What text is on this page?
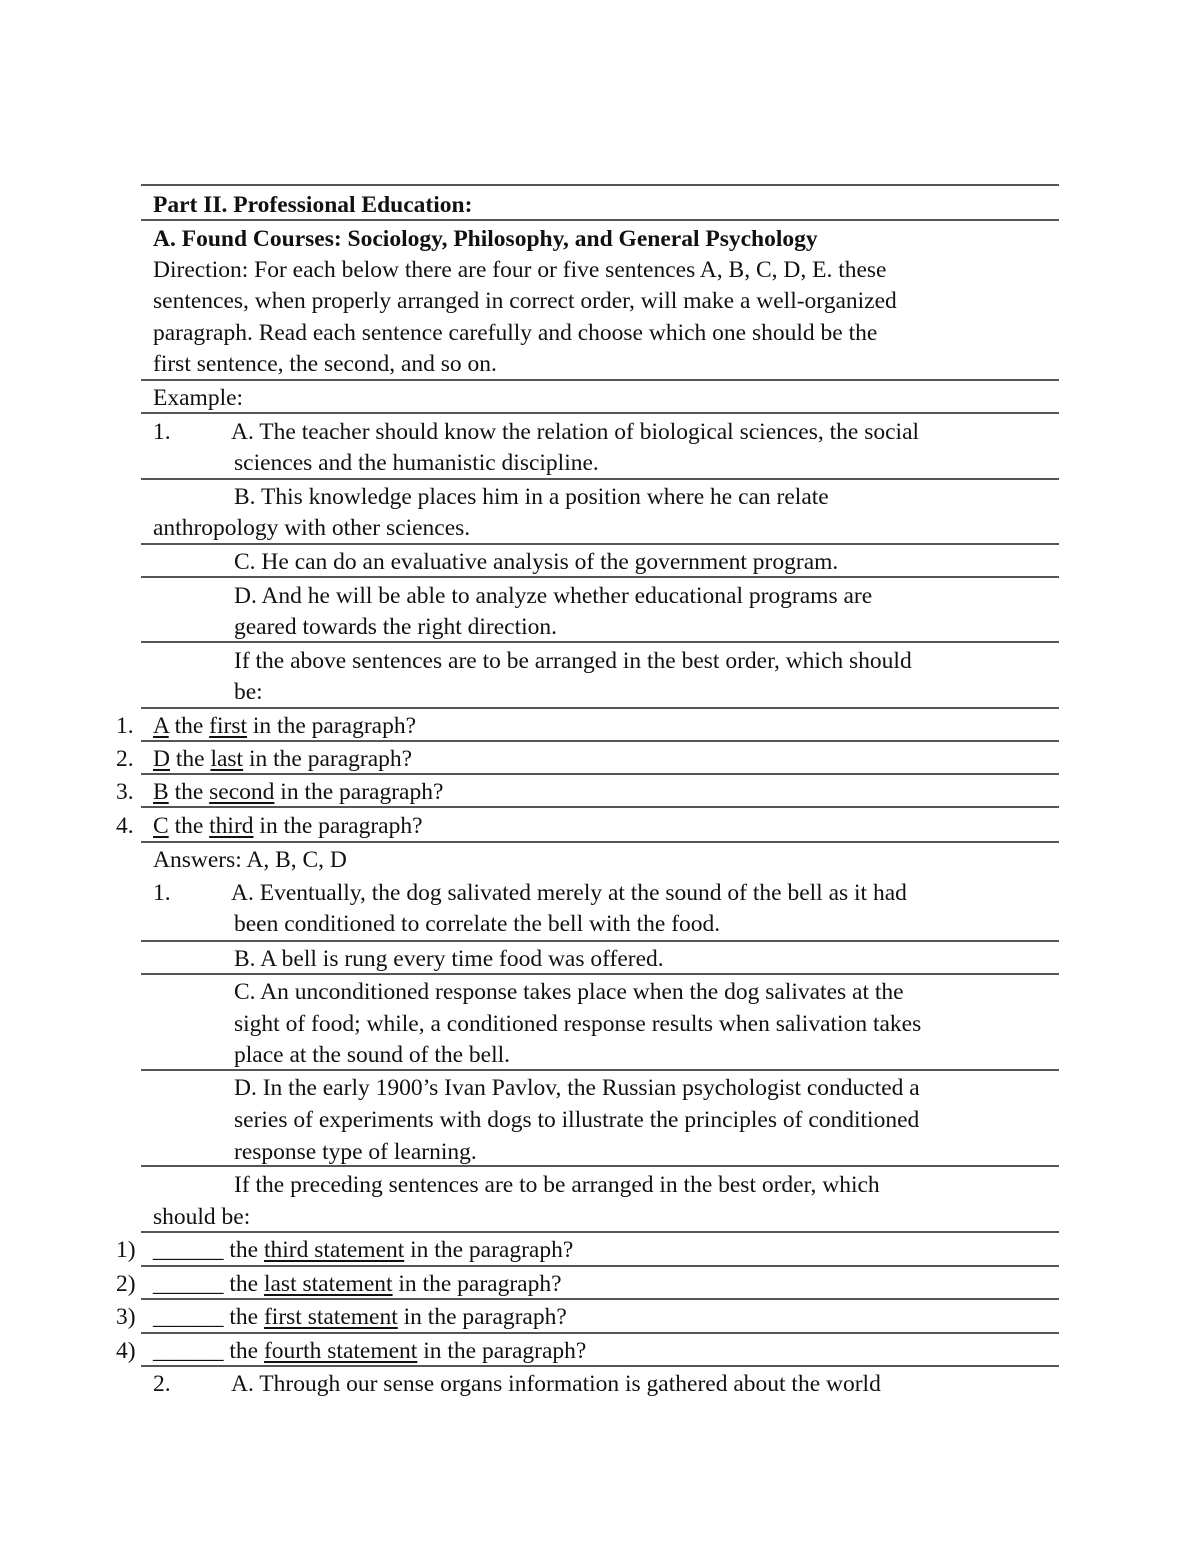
Part II. Professional Education:
A. Found Courses: Sociology, Philosophy, and General Psychology
Direction: For each below there are four or five sentences A, B, C, D, E. these
sentences, when properly arranged in correct order, will make a well-organized
paragraph. Read each sentence carefully and choose which one should be the
first sentence, the second, and so on.
Example:
1.	A. The teacher should know the relation of biological sciences, the social
sciences and the humanistic discipline.
B. This knowledge places him in a position where he can relate
anthropology with other sciences.
C. He can do an evaluative analysis of the government program.
D. And he will be able to analyze whether educational programs are
geared towards the right direction.
If the above sentences are to be arranged in the best order, which should
be:
1. A the first in the paragraph?
2. D the last in the paragraph?
3. B the second in the paragraph?
4. C the third in the paragraph?
Answers: A, B, C, D
1.	A. Eventually, the dog salivated merely at the sound of the bell as it had
been conditioned to correlate the bell with the food.
B. A bell is rung every time food was offered.
C. An unconditioned response takes place when the dog salivates at the
sight of food; while, a conditioned response results when salivation takes
place at the sound of the bell.
D. In the early 1900’s Ivan Pavlov, the Russian psychologist conducted a
series of experiments with dogs to illustrate the principles of conditioned
response type of learning.
If the preceding sentences are to be arranged in the best order, which
should be:
1) ______ the third statement in the paragraph?
2) ______ the last statement in the paragraph?
3) ______ the first statement in the paragraph?
4) ______ the fourth statement in the paragraph?
2.	A. Through our sense organs information is gathered about the world
